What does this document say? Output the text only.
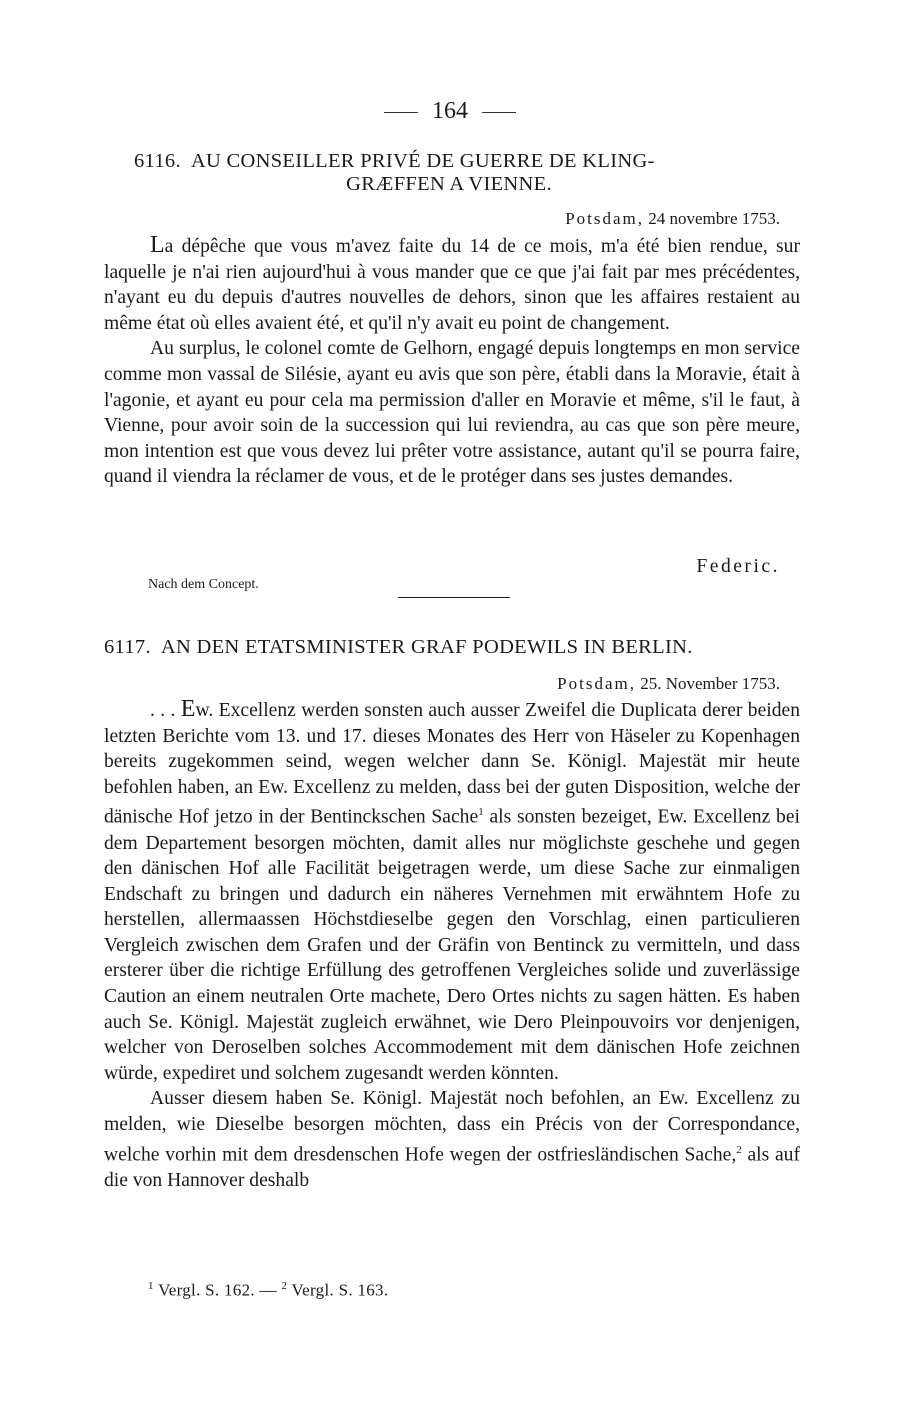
164
6116. AU CONSEILLER PRIVÉ DE GUERRE DE KLING-
GRÆFFEN A VIENNE.
Potsdam, 24 novembre 1753.

La dépêche que vous m'avez faite du 14 de ce mois, m'a été bien rendue, sur laquelle je n'ai rien aujourd'hui à vous mander que ce que j'ai fait par mes précédentes, n'ayant eu du depuis d'autres nouvelles de dehors, sinon que les affaires restaient au même état où elles avaient été, et qu'il n'y avait eu point de changement.

Au surplus, le colonel comte de Gelhorn, engagé depuis longtemps en mon service comme mon vassal de Silésie, ayant eu avis que son père, établi dans la Moravie, était à l'agonie, et ayant eu pour cela ma permission d'aller en Moravie et même, s'il le faut, à Vienne, pour avoir soin de la succession qui lui reviendra, au cas que son père meure, mon intention est que vous devez lui prêter votre assistance, autant qu'il se pourra faire, quand il viendra la réclamer de vous, et de le protéger dans ses justes demandes.

Federic.
Nach dem Concept.
6117. AN DEN ETATSMINISTER GRAF PODEWILS IN BERLIN.
Potsdam, 25. November 1753.

. . . Ew. Excellenz werden sonsten auch ausser Zweifel die Duplicata derer beiden letzten Berichte vom 13. und 17. dieses Monates des Herr von Häseler zu Kopenhagen bereits zugekommen seind, wegen welcher dann Se. Königl. Majestät mir heute befohlen haben, an Ew. Excellenz zu melden, dass bei der guten Disposition, welche der dänische Hof jetzo in der Bentinckschen Sache$^1$ als sonsten bezeiget, Ew. Excellenz bei dem Departement besorgen möchten, damit alles nur möglichste geschehe und gegen den dänischen Hof alle Facilität beigetragen werde, um diese Sache zur einmaligen Endschaft zu bringen und dadurch ein näheres Vernehmen mit erwähntem Hofe zu herstellen, allermaassen Höchstdieselbe gegen den Vorschlag, einen particulieren Vergleich zwischen dem Grafen und der Gräfin von Bentinck zu vermitteln, und dass ersterer über die richtige Erfüllung des getroffenen Vergleiches solide und zuverlässige Caution an einem neutralen Orte machete, Dero Ortes nichts zu sagen hätten. Es haben auch Se. Königl. Majestät zugleich erwähnet, wie Dero Pleinpouvoirs vor denjenigen, welcher von Deroselben solches Accommodement mit dem dänischen Hofe zeichnen würde, expediret und solchem zugesandt werden könnten.

Ausser diesem haben Se. Königl. Majestät noch befohlen, an Ew. Excellenz zu melden, wie Dieselbe besorgen möchten, dass ein Précis von der Correspondance, welche vorhin mit dem dresdenschen Hofe wegen der ostfriesländischen Sache,$^2$ als auf die von Hannover deshalb

$^1$ Vergl. S. 162. — $^2$ Vergl. S. 163.
